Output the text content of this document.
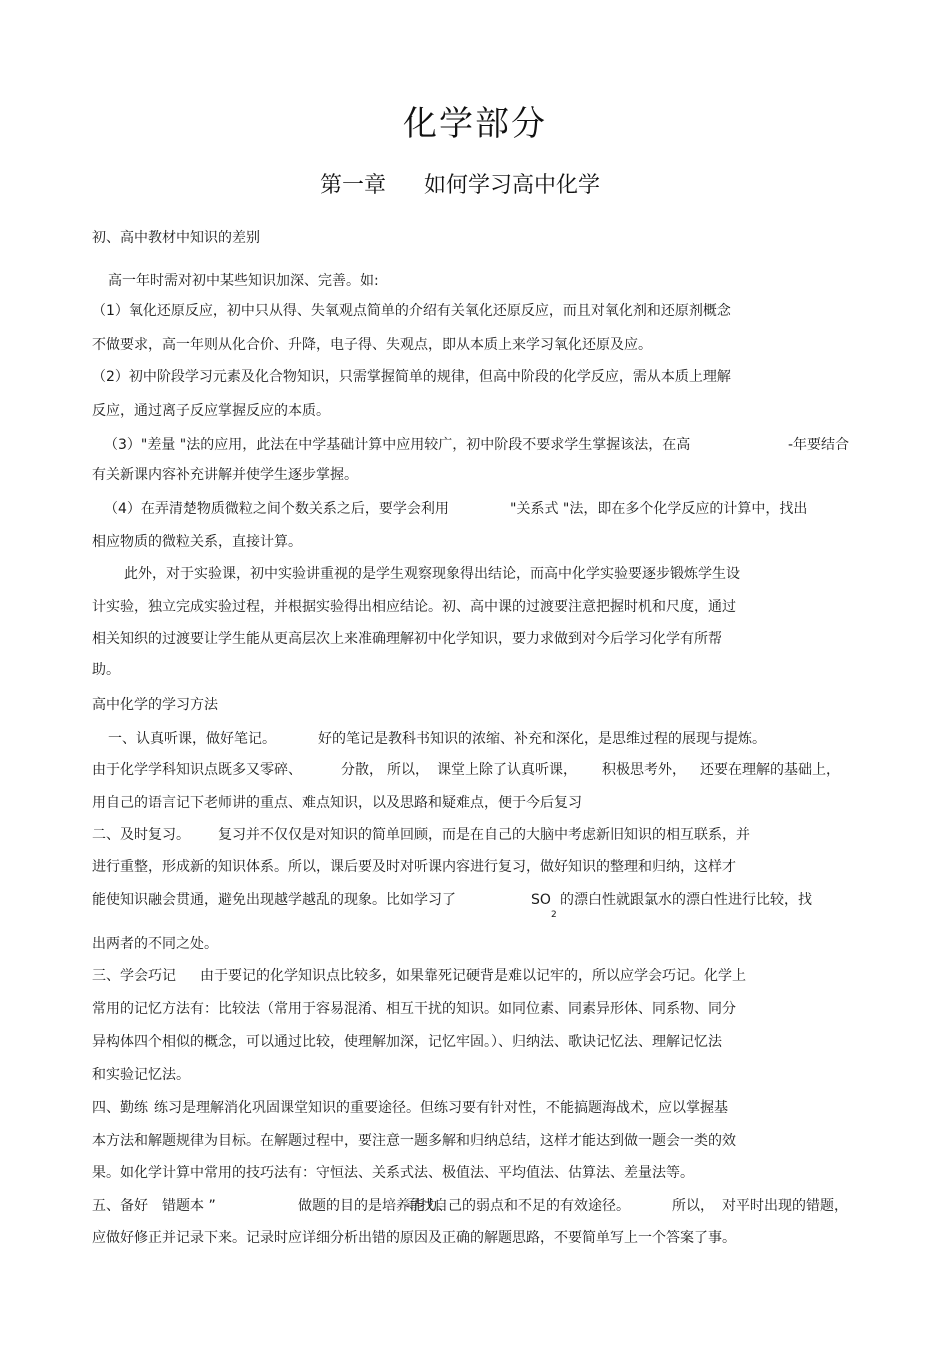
化学部分
第一章 如何学习高中化学
初、高中教材中知识的差别
高一年时需对初中某些知识加深、完善。如:
（1）氧化还原反应，初中只从得、失氧观点简单的介绍有关氧化还原反应，而且对氧化剂和还原剂概念
不做要求，高一年则从化合价、升降，电子得、失观点，即从本质上来学习氧化还原及应。
（2）初中阶段学习元素及化合物知识，只需掌握简单的规律，但高中阶段的化学反应，需从本质上理解
反应，通过离子反应掌握反应的本质。
（3）"差量 "法的应用，此法在中学基础计算中应用较广，初中阶段不要求学生掌握该法，在高	-年要结合
有关新课内容补充讲解并使学生逐步掌握。
（4）在弄清楚物质微粒之间个数关系之后，要学会利用	"关系式 "法，即在多个化学反应的计算中，找出
相应物质的微粒关系，直接计算。
此外，对于实验课，初中实验讲重视的是学生观察现象得出结论，而高中化学实验要逐步锻炼学生设
计实验，独立完成实验过程，并根据实验得出相应结论。初、高中课的过渡要注意把握时机和尺度，通过
相关知织的过渡要让学生能从更高层次上来准确理解初中化学知识，要力求做到对今后学习化学有所帮
助。
高中化学的学习方法
一、认真听课，做好笔记。	好的笔记是教科书知识的浓缩、补充和深化，是思维过程的展现与提炼。
由于化学学科知识点既多又零碎、	分散， 所以， 课堂上除了认真听课， 积极思考外， 还要在理解的基础上，
用自己的语言记下老师讲的重点、难点知识，以及思路和疑难点，便于今后复习
二、及时复习。 复习并不仅仅是对知识的简单回顾，而是在自己的大脑中考虑新旧知识的相互联系，并
进行重整，形成新的知识体系。所以，课后要及时对听课内容进行复习，做好知识的整理和归纳，这样才
能使知识融会贯通，避免出现越学越乱的现象。比如学习了	SO 的漂白性就跟氯水的漂白性进行比较，找
出两者的不同之处。
三、学会巧记 由于要记的化学知识点比较多，如果靠死记硬背是难以记牢的，所以应学会巧记。化学上
常用的记忆方法有：比较法（常用于容易混淆、相互干扰的知识。如同位素、同素异形体、同系物、同分
异构体四个相似的概念，可以通过比较，使理解加深，记忆牢固。）、归纳法、歌诀记忆法、理解记忆法
和实验记忆法。
四、勤练 练习是理解消化巩固课堂知识的重要途径。但练习要有针对性，不能搞题海战术，应以掌握基
本方法和解题规律为目标。在解题过程中，要注意一题多解和归纳总结，这样才能达到做一题会一类的效
果。如化学计算中常用的技巧法有：守恒法、关系式法、极值法、平均值法、估算法、差量法等。
五、备好 错题本 ”	做题的目的是培养能力、
寻找自己的弱点和不足的有效途径。	所以， 对平时出现的错题，
应做好修正并记录下来。记录时应详细分析出错的原因及正确的解题思路，不要简单写上一个答案了事。
2
